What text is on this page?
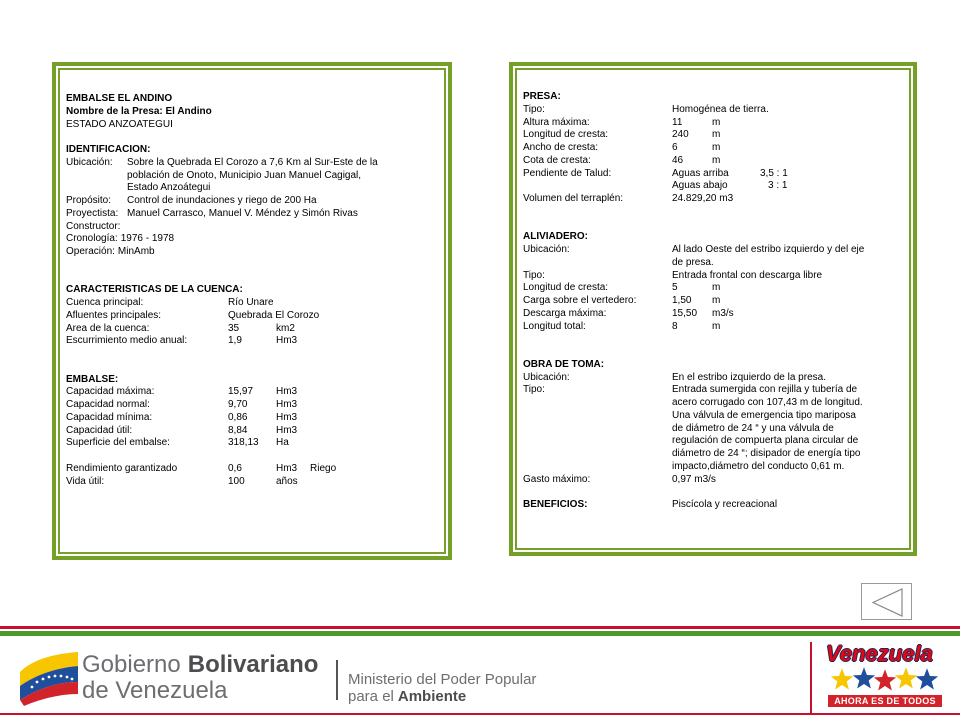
EMBALSE EL ANDINO
Nombre de la Presa: El Andino
ESTADO ANZOATEGUI
IDENTIFICACION:
Ubicación: Sobre la Quebrada El Corozo a 7,6 Km al Sur-Este de la
población de Onoto, Municipio Juan Manuel Cagigal,
Estado Anzoátegui
Propósito: Control de inundaciones y riego de 200 Ha
Proyectista: Manuel Carrasco, Manuel V. Méndez y Simón Rivas
Constructor:
Cronología: 1976 - 1978
Operación: MinAmb
CARACTERISTICAS DE LA CUENCA:
Cuenca principal:	Río Unare
Afluentes principales:	Quebrada El Corozo
Area de la cuenca:	35	km2
Escurrimiento medio anual:	1,9	Hm3
EMBALSE:
Capacidad máxima:	15,97 Hm3
Capacidad normal:	9,70	Hm3
Capacidad mínima:	0,86	Hm3
Capacidad útil:	8,84	Hm3
Superficie del embalse:	318,13 Ha
Rendimiento garantizado	0,6	Hm3 Riego
Vida útil:	100	años
PRESA:
Tipo:	Homogénea de tierra.
Altura máxima:	11	m
Longitud de cresta:	240 m
Ancho de cresta:	6	m
Cota de cresta:	46	m
Pendiente de Talud:	Aguas arriba	3,5 : 1
Aguas abajo	3 : 1
Volumen del terraplén:	24.829,20 m3
ALIVIADERO:
Ubicación:	Al lado Oeste del estribo izquierdo y del eje
de presa.
Tipo:	Entrada frontal con descarga libre
Longitud de cresta:	5	m
Carga sobre el vertedero:	1,50 m
Descarga máxima:	15,50 m3/s
Longitud total:	8	m
OBRA DE TOMA:
Ubicación:	En el estribo izquierdo de la presa.
Tipo:	Entrada sumergida con rejilla y tubería de
acero corrugado con 107,43 m de longitud.
Una válvula de emergencia tipo mariposa
de diámetro de 24 “ y una válvula de
regulación de compuerta plana circular de
diámetro de 24 “; disipador de energía tipo
impacto,diámetro del conducto 0,61 m.
Gasto máximo:	0,97 m3/s
BENEFICIOS:	Piscícola y recreacional
Gobierno Bolivariano
de Venezuela	Ministerio del Poder Popular
para el Ambiente
Venezuela
AHORA ES DE TODOS
